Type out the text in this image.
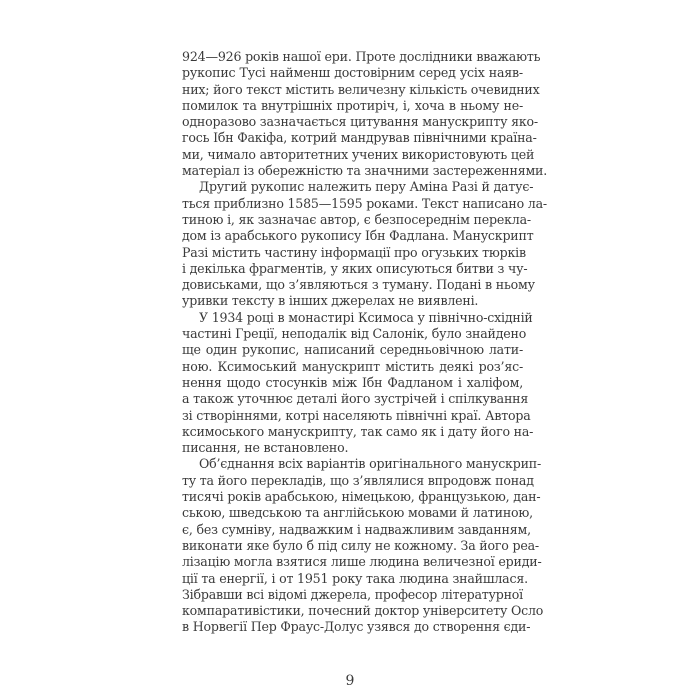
924—926 років нашої ери. Проте дослідники вважають
рукопис Тусі найменш достовірним серед усіх наяв-
них; його текст містить величезну кількість очевидних
помилок та внутрішніх протиріч, і, хоча в ньому не-
одноразово зазначається цитування манускрипту яко-
гось Ібн Факіфа, котрий мандрував північними країна-
ми, чимало авторитетних учених використовують цей
матеріал із обережністю та значними застереженнями.
Другий рукопис належить перу Аміна Разі й датує-
ться приблизно 1585—1595 роками. Текст написано ла-
тиною і, як зазначає автор, є безпосереднім перекла-
дом із арабського рукопису Ібн Фадлана. Манускрипт
Разі містить частину інформації про огузьких тюрків
і декілька фрагментів, у яких описуються битви з чу-
довиськами, що з’являються з туману. Подані в ньому
уривки тексту в інших джерелах не виявлені.
У 1934 році в монастирі Ксимоса у північно-східній
частині Греції, неподалік від Салонік, було знайдено
ще один рукопис, написаний середньовічною лати-
ною. Ксимоський манускрипт містить деякі роз’яс-
нення щодо стосунків між Ібн Фадланом і халіфом,
а також уточнює деталі його зустрічей і спілкування
зі створіннями, котрі населяють північні краї. Автора
ксимоського манускрипту, так само як і дату його на-
писання, не встановлено.
Об’єднання всіх варіантів оригінального манускрип-
ту та його перекладів, що з’являлися впродовж понад
тисячі років арабською, німецькою, французькою, дан-
ською, шведською та англійською мовами й латиною,
є, без сумніву, надважким і надважливим завданням,
виконати яке було б під силу не кожному. За його реа-
лізацію могла взятися лише людина величезної ериди-
ції та енергії, і от 1951 року така людина знайшлася.
Зібравши всі відомі джерела, професор літературної
компаративістики, почесний доктор університету Осло
в Норвегії Пер Фраус-Долус узявся до створення єди-
9
